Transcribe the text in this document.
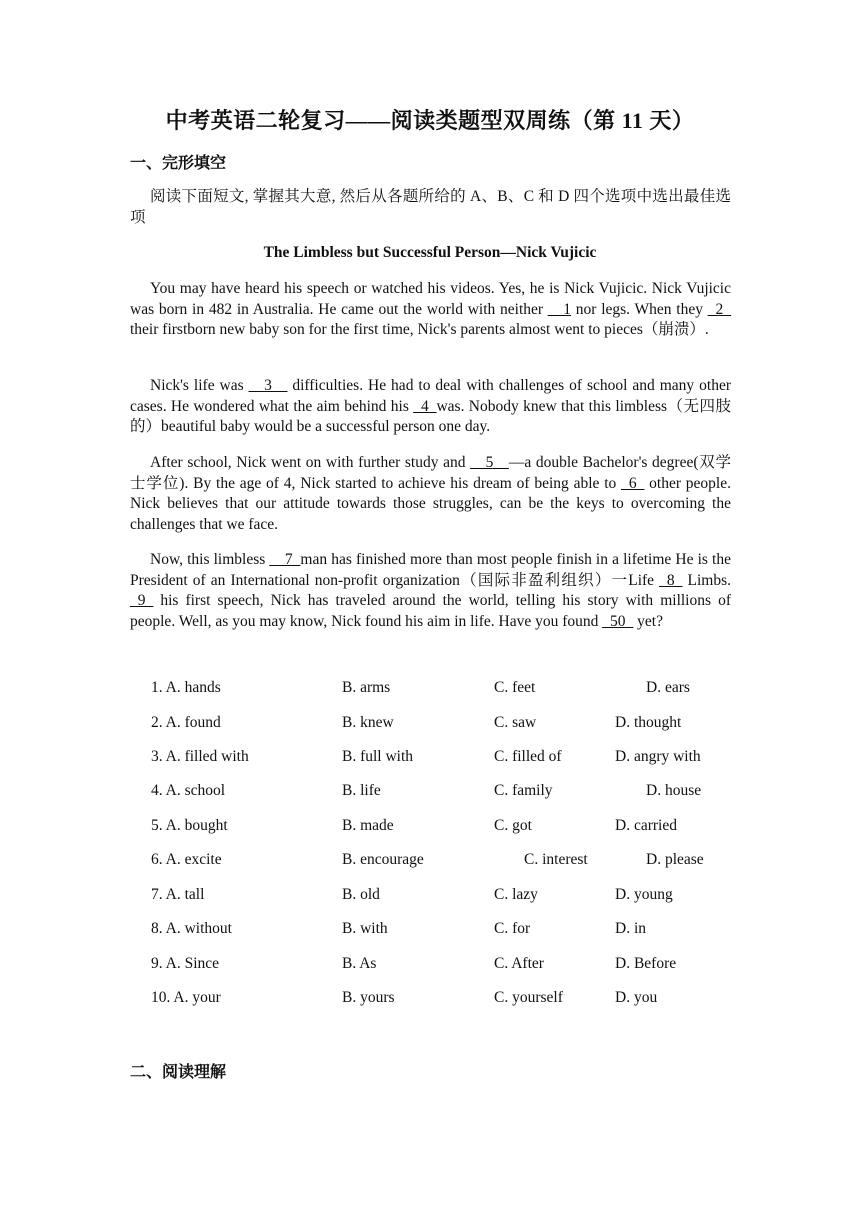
中考英语二轮复习——阅读类题型双周练（第 11 天）
一、完形填空
阅读下面短文, 掌握其大意, 然后从各题所给的 A、B、C 和 D 四个选项中选出最佳选项
The Limbless but Successful Person—Nick Vujicic
You may have heard his speech or watched his videos. Yes, he is Nick Vujicic. Nick Vujicic was born in 482 in Australia. He came out the world with neither __1 nor legs. When they _2_ their firstborn new baby son for the first time, Nick's parents almost went to pieces（崩溃）.
Nick's life was __3__ difficulties. He had to deal with challenges of school and many other cases. He wondered what the aim behind his _4_was. Nobody knew that this limbless（无四肢的）beautiful baby would be a successful person one day.
After school, Nick went on with further study and __5__—a double Bachelor's degree(双学士学位). By the age of 4, Nick started to achieve his dream of being able to _6_ other people. Nick believes that our attitude towards those struggles, can be the keys to overcoming the challenges that we face.
Now, this limbless __7_man has finished more than most people finish in a lifetime He is the President of an International non-profit organization（国际非盈利组织）一Life _8_ Limbs. _9_ his first speech, Nick has traveled around the world, telling his story with millions of people. Well, as you may know, Nick found his aim in life. Have you found _50_ yet?
1. A. hands	B. arms	C. feet	D. ears
2. A. found	B. knew	C. saw	D. thought
3. A. filled with	B. full with	C. filled of	D. angry with
4. A. school	B. life	C. family	D. house
5. A. bought	B. made	C. got	D. carried
6. A. excite	B. encourage	C. interest	D. please
7. A. tall	B. old	C. lazy	D. young
8. A. without	B. with	C. for	D. in
9. A. Since	B. As	C. After	D. Before
10. A. your	B. yours	C. yourself	D. you
二、阅读理解
